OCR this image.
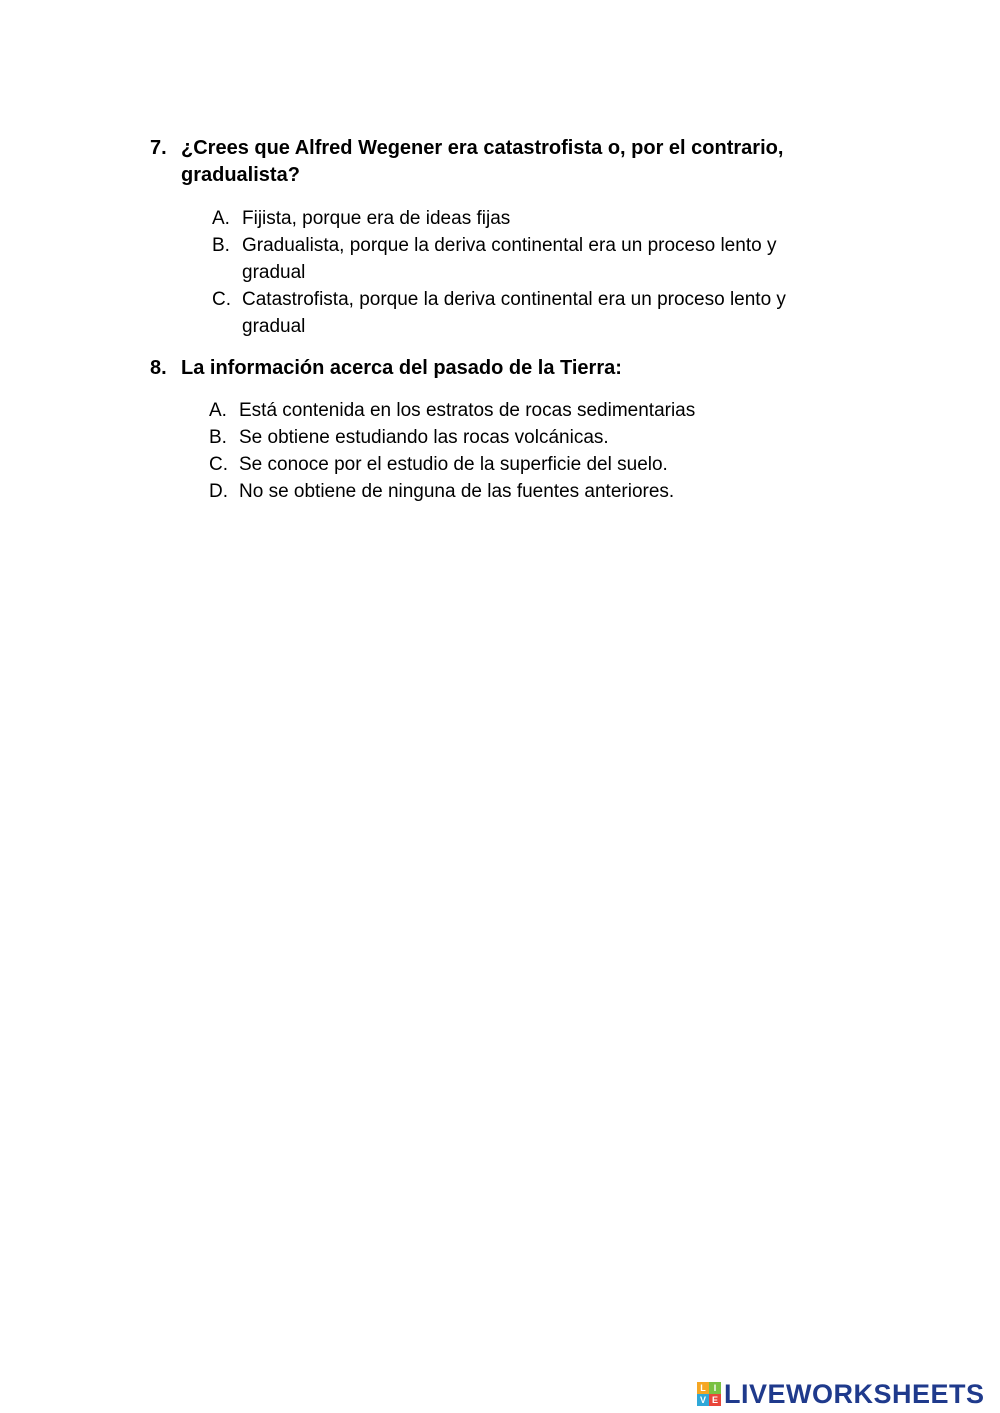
7. ¿Crees que Alfred Wegener era catastrofista o, por el contrario, gradualista?
A. Fijista, porque era de ideas fijas
B. Gradualista, porque la deriva continental era un proceso lento y gradual
C. Catastrofista, porque la deriva continental era un proceso lento y gradual
8. La información acerca del pasado de la Tierra:
A. Está contenida en los estratos de rocas sedimentarias
B. Se obtiene estudiando las rocas volcánicas.
C. Se conoce por el estudio de la superficie del suelo.
D. No se obtiene de ninguna de las fuentes anteriores.
L I
V E LIVEWORKSHEETS
